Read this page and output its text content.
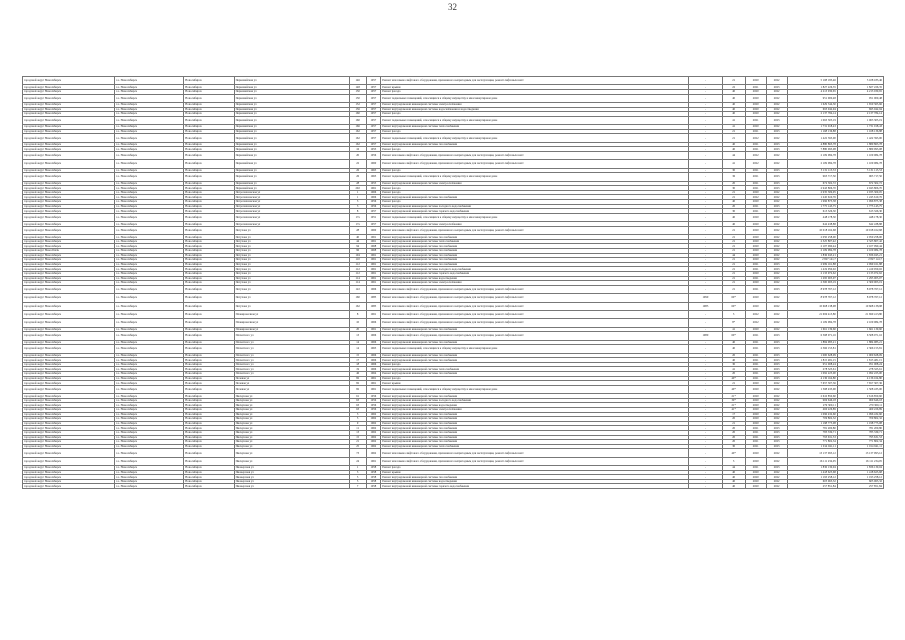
32
городской округ Новосибирск	г.о. Новосибирск	Новосибирск	Первомайская ул	146	1957	Ремонт или замена лифтового оборудования, признанного непригодным для эксплуатации, ремонт лифтовых шахт	-	21	2020	2022	5 108 183,46	5 108 183,46
городской округ Новосибирск	г.о. Новосибирск	Новосибирск	Первомайская ул	148	1957	Ремонт крыши	-	22	2021	2023	1 827 226,35	1 827 226,35
городской округ Новосибирск	г.о. Новосибирск	Новосибирск	Первомайская ул	150	1957	Ремонт фасада	-	40	2020	2022	4 213 030,65	4 213 030,65
городской округ Новосибирск	г.о. Новосибирск	Новосибирск	Первомайская ул	150	1957	Ремонт подвальных помещений, относящихся к общему имуществу в многоквартирном доме	-	40	2020	2022	951 000,48	951 000,48
городской округ Новосибирск	г.о. Новосибирск	Новосибирск	Первомайская ул	152	1957	Ремонт внутридомовой инженерной системы электроснабжения	-	40	2020	2022	1 629 344,30	1 650 365,66
городской округ Новосибирск	г.о. Новосибирск	Новосибирск	Первомайская ул	156	1957	Ремонт внутридомовой инженерной системы водоснабжения и водоотведения	-	40	2020	2022	695 042,94	695 042,94
городской округ Новосибирск	г.о. Новосибирск	Новосибирск	Первомайская ул	160	1957	Ремонт фасада	-	40	2020	2022	2 137 784,14	2 137 784,14
городской округ Новосибирск	г.о. Новосибирск	Новосибирск	Первомайская ул	160	1957	Ремонт подвальных помещений, относящихся к общему имуществу в многоквартирном доме	-	41	2021	2023	1 063 305,19	1 063 305,19
городской округ Новосибирск	г.о. Новосибирск	Новосибирск	Первомайская ул	166	1957	Ремонт внутридомовой инженерной системы теплоснабжения	-	41	2020	2022	1 731 018,43	1 731 018,43
городской округ Новосибирск	г.о. Новосибирск	Новосибирск	Первомайская ул	162	1957	Ремонт фасада	-	21	2021	2023	1 168 136,88	1 168 136,88
городской округ Новосибирск	г.о. Новосибирск	Новосибирск	Первомайская ул	162	1957	Ремонт подвальных помещений, относящихся к общему имуществу в многоквартирном доме	-	21	2022	2022	1 422 393,00	1 422 393,00
городской округ Новосибирск	г.о. Новосибирск	Новосибирск	Первомайская ул	162	1957	Ремонт внутридомовой инженерной системы газоснабжения	-	40	2021	2023	4 880 863,78	1 880 863,78
городской округ Новосибирск	г.о. Новосибирск	Новосибирск	Первомайская ул	16	1953	Ремонт фасада	-	40	2021	2023	7 880 093,08	1 880 093,08
городской округ Новосибирск	г.о. Новосибирск	Новосибирск	Первомайская ул	20	1956	Ремонт или замена лифтового оборудования, признанного непригодным для эксплуатации, ремонт лифтовых шахт	-	44	2022	2022	2 109 084,78	1 109 084,78
городской округ Новосибирск	г.о. Новосибирск	Новосибирск	Первомайская ул	22	1960	Ремонт или замена лифтового оборудования, признанного непригодным для эксплуатации, ремонт лифтовых шахт	-	41	2022	2022	2 109 084,78	1 109 084,78
городской округ Новосибирск	г.о. Новосибирск	Новосибирск	Первомайская ул	26	1963	Ремонт фасада	-	30	2021	2023	5 131 115,53	5 131 115,53
городской округ Новосибирск	г.о. Новосибирск	Новосибирск	Первомайская ул	26	1963	Ремонт подвальных помещений, относящихся к общему имуществу в многоквартирном доме	-	36	2021	2023	965 717,50	965 717,50
городской округ Новосибирск	г.о. Новосибирск	Новосибирск	Первомайская ул	28	1955	Ремонт внутридомовой инженерной системы электроснабжения	-	20	2021	2023	672 302,72	672 302,72
городской округ Новосибирск	г.о. Новосибирск	Новосибирск	Первомайская ул	202	1961	Ремонт фасада	-	30	2021	2023	2 943 806,70	2 943 806,70
городской округ Новосибирск	г.о. Новосибирск	Новосибирск	Петропавловская ул	1	1966	Ремонт фасада	-	21	2020	2022	2 935 309,05	2 935 309,05
городской округ Новосибирск	г.о. Новосибирск	Новосибирск	Петропавловская ул	1	1966	Ремонт внутридомовой инженерной системы газоснабжения	-	21	2022	2022	1 245 610,76	1 245 610,76
городской округ Новосибирск	г.о. Новосибирск	Новосибирск	Петропавловская ул	3	1956	Ремонт фасада	-	40	2020	2022	1 996 875,38	1 996 875,38
городской округ Новосибирск	г.о. Новосибирск	Новосибирск	Петропавловская ул	3	1956	Ремонт внутридомовой инженерной системы холодного водоснабжения	-	20	2021	2023	1 775 143,75	1 775 143,75
городской округ Новосибирск	г.о. Новосибирск	Новосибирск	Петропавловская ул	8	1957	Ремонт внутридомовой инженерной системы горячего водоснабжения	-	30	2021	2023	613 326,30	613 326,30
городской округ Новосибирск	г.о. Новосибирск	Новосибирск	Петропавловская ул	17а	1951	Ремонт подвальных помещений, относящихся к общему имуществу в многоквартирном доме	-	40	2020	2022	448 178,30	448 178,30
городской округ Новосибирск	г.о. Новосибирск	Новосибирск	Петропавловская ул	17а	1957	Ремонт внутридомовой инженерной системы электроснабжения	-	40	2020	2022	642 438,88	642 438,88
городской округ Новосибирск	г.о. Новосибирск	Новосибирск	Петухова ул	28	1960	Ремонт или замена лифтового оборудования, признанного непригодным для эксплуатации, ремонт лифтовых шахт	-	21	2020	2022	10 018 162,68	10 018 162,68
городской округ Новосибирск	г.о. Новосибирск	Новосибирск	Петухова ул	40	1961	Ремонт внутридомовой инженерной системы газоснабжения	-	21	2020	2022	2 050 258,00	2 050 258,00
городской округ Новосибирск	г.о. Новосибирск	Новосибирск	Петухова ул	44	1961	Ремонт внутридомовой инженерной системы теплоснабжения	-	21	2020	2022	2 325 807,42	2 325 807,42
городской округ Новосибирск	г.о. Новосибирск	Новосибирск	Петухова ул	94	1968	Ремонт внутридомовой инженерной системы газоснабжения	-	21	2020	2022	2 107 090,44	2 107 090,44
городской округ Новосibirsk	г.о. Новосибирск	Новосибирск	Петухова ул	96	1968	Ремонт внутридомовой инженерной системы газоснабжения	-	21	2020	2022	2 109 084,78	2 109 084,78
городской округ Новосибирск	г.о. Новосибирск	Новосибирск	Петухова ул	104	1961	Ремонт внутридомовой инженерной системы газоснабжения	-	44	2020	2022	1 836 045,21	1 836 045,21
городской округ Новосибирск	г.о. Новосибирск	Новосибирск	Петухова ул	110	1961	Ремонт внутридомовой инженерной системы газоснабжения	-	21	2020	2022	2 827 141,7	2 827 141,7
городской округ Новосибирск	г.о. Новосибирск	Новосибирск	Петухова ул	112	1961	Ремонт внутридомовой инженерной системы газоснабжения	-	21	2021	2023	2 999 161,88	2 999 161,88
городской округ Новосибирск	г.о. Новосибирск	Новосибирск	Петухова ул	112	1961	Ремонт внутридомовой инженерной системы холодного водоснабжения	-	21	2021	2023	1 419 050,02	1 419 050,02
городской округ Новосибирск	г.о. Новосибирск	Новосибирск	Петухова ул	112	1961	Ремонт внутридомовой инженерной системы горячего водоснабжения	-	21	2020	2022	2 133 972,62	2 133 972,62
городской округ Новосибирск	г.о. Новосибирск	Новосибирск	Петухова ул	114	1961	Ремонт внутридомовой инженерной системы водоотведения	-	21	2021	2023	1 295 005,07	1 295 005,07
городской округ Новосибирск	г.о. Новосибирск	Новосибирск	Петухова ул	114	1961	Ремонт внутридомовой инженерной системы электроснабжения	-	21	2020	2022	2 300 003,19	2 300 003,19
городской округ Новосибирск	г.о. Новосибирск	Новосибирск	Петухова ул	122	1966	Ремонт или замена лифтового оборудования, признанного непригодным для эксплуатации, ремонт лифтовых шахт	-	21	2021	2023	8 978 767,12	8 978 767,12
городской округ Новосибирск	г.о. Новосибирск	Новосибирск	Петухова ул	160	1985	Ремонт или замена лифтового оборудования, признанного непригодным для эксплуатации, ремонт лифтовых шахт	1990	60*	2020	2022	8 978 767,12	8 978 767,12
городской округ Новосибирск	г.о. Новосибирск	Новосибирск	Петухова ул	162	1985	Ремонт или замена лифтового оборудования, признанного непригодным для эксплуатации, ремонт лифтовых шахт	1985	60*	2020	2022	10 668 138,98	10 668 138,98
городской округ Новосибирск	г.о. Новосибирск	Новосибирск	Планировочная ул	8	1961	Ремонт или замена лифтового оборудования, признанного непригодным для эксплуатации, ремонт лифтовых шахт	-	3	2022	2022	21 699 413,80	21 699 413,80
городской округ Новосибирск	г.о. Новосибирск	Новосибирск	Планировочная ул	10	1966	Ремонт или замена лифтового оборудования, признанного непригодным для эксплуатации, ремонт лифтовых шахт	-	8*	2022	2022	2 109 084,78	2 109 084,78
городской округ Новосибирск	г.о. Новосибирск	Новосибирск	Планировочная ул	20	1961	Ремонт внутридомовой инженерной системы газоснабжения	-	41	2020	2022	1 661 139,60	1 661 139,60
городской округ Новосибирск	г.о. Новосибирск	Новосибирск	Плахотного ул	13	1966	Ремонт или замена лифтового оборудования, признанного непригодным для эксплуатации, ремонт лифтовых шахт	1980	60*	2021	2023	6 508 071,16	6 508 071,16
городской округ Новосибирск	г.о. Новосибирск	Новосибирск	Плахотного ул	14	1966	Ремонт внутридомовой инженерной системы газоснабжения	-	40	2021	2023	1 884 985,21	1 884 985,21
городской округ Новосибирск	г.о. Новосибирск	Новосибирск	Плахотного ул	14	1963	Ремонт подвальных помещений, относящихся к общему имуществу в многоквартирном доме	-	40	2021	2023	2 366 153,81	2 366 153,81
городской округ Новосибирск	г.о. Новосибирск	Новосибирск	Плахотного ул	15	1966	Ремонт внутридомовой инженерной системы газоснабжения	-	20	2021	2023	1 000 628,09	1 000 628,09
городской округ Новосибирск	г.о. Новосибирск	Новосибирск	Плахотного ул	17	1966	Ремонт внутридомовой инженерной системы газоснабжения	-	40	2021	2023	1 815 481,15	1 815 481,15
городской округ Новосибирск	г.о. Новосибирск	Новосибирск	Плахотного ул	18	1966	Ремонт фасада	-	30	2021	2023	951 008,24	951 008,24
городской округ Новосибирск	г.о. Новосибирск	Новосибирск	Плахотного ул	19	1966	Ремонт внутридомовой инженерной системы теплоснабжения	-	41	2021	2023	278 325,61	278 325,61
городской округ Новосибирск	г.о. Новосибирск	Новосибирск	Плахотного ул	46	1964	Ремонт внутридомовой инженерной системы газоснабжения	-	20	2021	2023	1 092 225,00	1 092 225,00
городской округ Новосибирск	г.о. Новосибирск	Новосибирск	Полевая ул	82	1961	Ремонт фасада	-	40*	2021	2023	4 136 164,80	4 136 164,80
городской округ Новосибирск	г.о. Новосибирск	Новосибирск	Полевая ул	82	1961	Ремонт крыши	-	21	2020	2022	7 657 307,36	7 657 307,36
городской округ Новосибирск	г.о. Новосибирск	Новосибирск	Полевая ул	82	1961	Ремонт подвальных помещений, относящихся к общему имуществу в многоквартирном доме	-	40*	2020	2022	1 508 435,00	1 508 435,00
городской округ Новосибирск	г.о. Новосибирск	Новосибирск	Пискунова ул	61	1956	Ремонт внутридомовой инженерной системы газоснабжения	-	21*	2020	2022	2 616 850,60	2 616 850,60
городской округ Новосибирск	г.о. Новосибирск	Новосибирск	Пискунова ул	63	1956	Ремонт внутридомовой инженерной системы холодного водоснабжения	-	30*	2020	2022	969 646,18	969 646,18
городской округ Новосибирск	г.о. Новосибирск	Новосибирск	Пискунова ул	63	1956	Ремонт внутридомовой инженерной системы водоотведения	-	21*	2020	2022	279 300,11	279 300,11
городской округ Новосибирск	г.о. Новосибирск	Новосибирск	Пискунова ул	63	1956	Ремонт внутридомовой инженерной системы электроснабжения	-	41*	2020	2022	460 226,89	460 226,89
городской округ Новосибирск	г.о. Новосибирск	Новосибирск	Пискунова ул	3	1962	Ремонт внутридомовой инженерной системы газоснабжения	-	17	2020	2022	1 096 432,60	1 096 432,60
городской округ Новосибирск	г.о. Новосибирск	Новосибирск	Пискунова ул	5	1962	Ремонт внутридомовой инженерной системы газоснабжения	-	20	2020	2022	709 802,32	709 802,32
городской округ Новосибирск	г.о. Новосибирск	Новосибирск	Пискунова ул	9	1962	Ремонт внутридомовой инженерной системы газоснабжения	-	21	2020	2022	1 198 775,08	1 198 775,08
городской округ Новосибирск	г.о. Новосибирск	Новосибирск	Пискунова ул	11	1962	Ремонт внутридомовой инженерной системы газоснабжения	-	20	2021	2023	781 200,80	781 200,80
городской округ Новосибирск	г.о. Новосибирск	Новосибирск	Пискунова ул	13	1962	Ремонт внутридомовой инженерной системы газоснабжения	-	20	2021	2023	785 339,71	785 339,71
городской округ Новосибирск	г.о. Новосибирск	Новосибирск	Пискунова ул	15	1962	Ремонт внутридомовой инженерной системы газоснабжения	-	20	2021	2023	795 631,53	795 631,53
городской округ Новосибирск	г.о. Новосибирск	Новосибирск	Пискунова ул	21	1962	Ремонт внутридомовой инженерной системы газоснабжения	-	20	2021	2023	771 802,34	771 802,34
городской округ Новосибирск	г.о. Новосибирск	Новосибирск	Пискунова ул	25	1962	Ремонт внутридомовой инженерной системы теплоснабжения	-	30	2021	2023	1 014 941,11	1 014 941,11
городской округ Новосибирск	г.о. Новосибирск	Новосибирск	Пискунова ул	73	1962	Ремонт или замена лифтового оборудования, признанного непригодным для эксплуатации, ремонт лифтовых шахт	-	40*	2020	2022	13 137 095,12	13 137 095,12
городской округ Новосибирск	г.о. Новосибирск	Новосибирск	Пискунова ул	24	1961	Ремонт или замена лифтового оборудования, признанного непригодным для эксплуатации, ремонт лифтовых шахт	-	3	2020	2022	16 111 234,05	16 111 234,05
городской округ Новосибирск	г.о. Новосибирск	Новосибирск	Пионерская ул	1	1958	Ремонт фасада	-	44	2021	2023	1 836 130,04	1 836 130,04
городской округ Новосибирск	г.о. Новосибирск	Новосибирск	Пионерская ул	3	1958	Ремонт крыши	-	40	2020	2022	1 418 625,68	1 418 625,68
городской округ Новосибирск	г.о. Новосибирск	Новосибирск	Пионерская ул	5	1958	Ремонт внутридомовой инженерной системы газоснабжения	-	40	2020	2022	1 193 258,12	1 193 258,12
городской округ Новосибирск	г.о. Новосибирск	Новосибирск	Пионерская ул	5	1958	Ремонт внутридомовой инженерной системы водоотведения	-	40	2020	2022	605 063,32	605 063,32
городской округ Новосибирск	г.о. Новосибирск	Новосибирск	Пионерская ул	7	1958	Ремонт внутридомовой инженерной системы горячего водоснабжения	-	40	2020	2022	257 851,84	257 851,84
